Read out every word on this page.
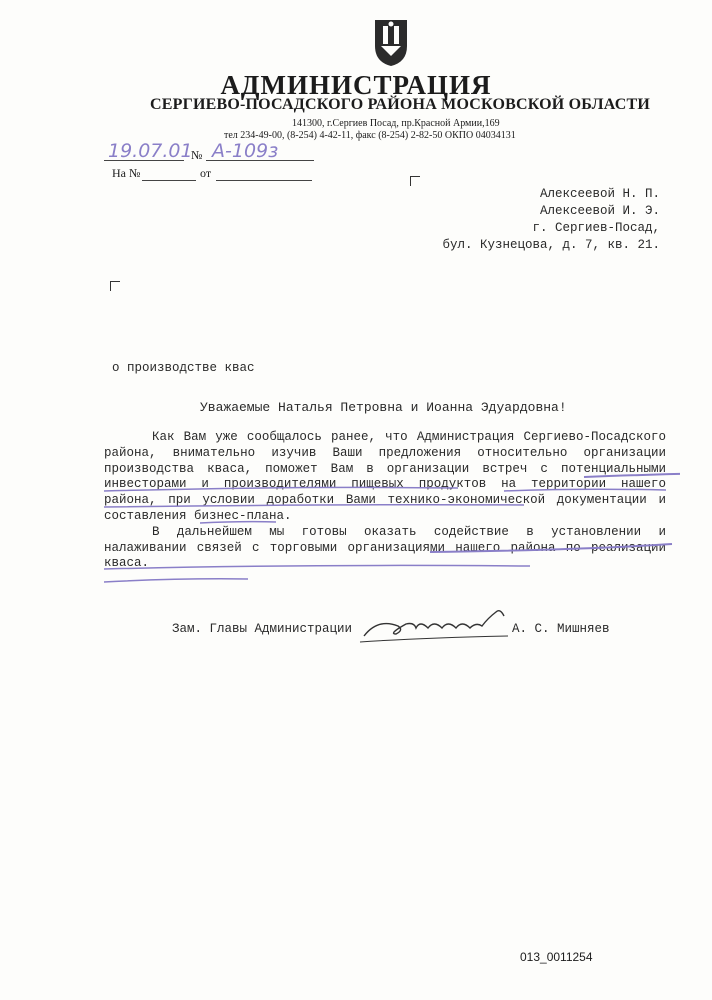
АДМИНИСТРАЦИЯ
СЕРГИЕВО-ПОСАДСКОГО РАЙОНА МОСКОВСКОЙ ОБЛАСТИ
141300, г.Сергиев Посад, пр.Красной Армии,169
тел 234-49-00, (8-254) 4-42-11, факс (8-254) 2-82-50 ОКПО 04034131
19.07.01
№ А-109з
На №	от
Алексеевой Н. П.
Алексеевой И. Э.
г. Сергиев-Посад,
бул. Кузнецова, д. 7, кв. 21.
о производстве квас
Уважаемые Наталья Петровна и Иоанна Эдуардовна!

Как Вам уже сообщалось ранее, что Администрация Сергиево-Посадского района, внимательно изучив Ваши предложения относительно организации производства кваса, поможет Вам в организации встреч с потенциальными инвесторами и производителями пищевых продуктов на территории нашего района, при условии доработки Вами технико-экономической документации и составления бизнес-плана.

В дальнейшем мы готовы оказать содействие в установлении и налаживании связей с торговыми организациями нашего района по реализации кваса.

Зам. Главы Администрации	А. С. Мишняев
013_0011254
